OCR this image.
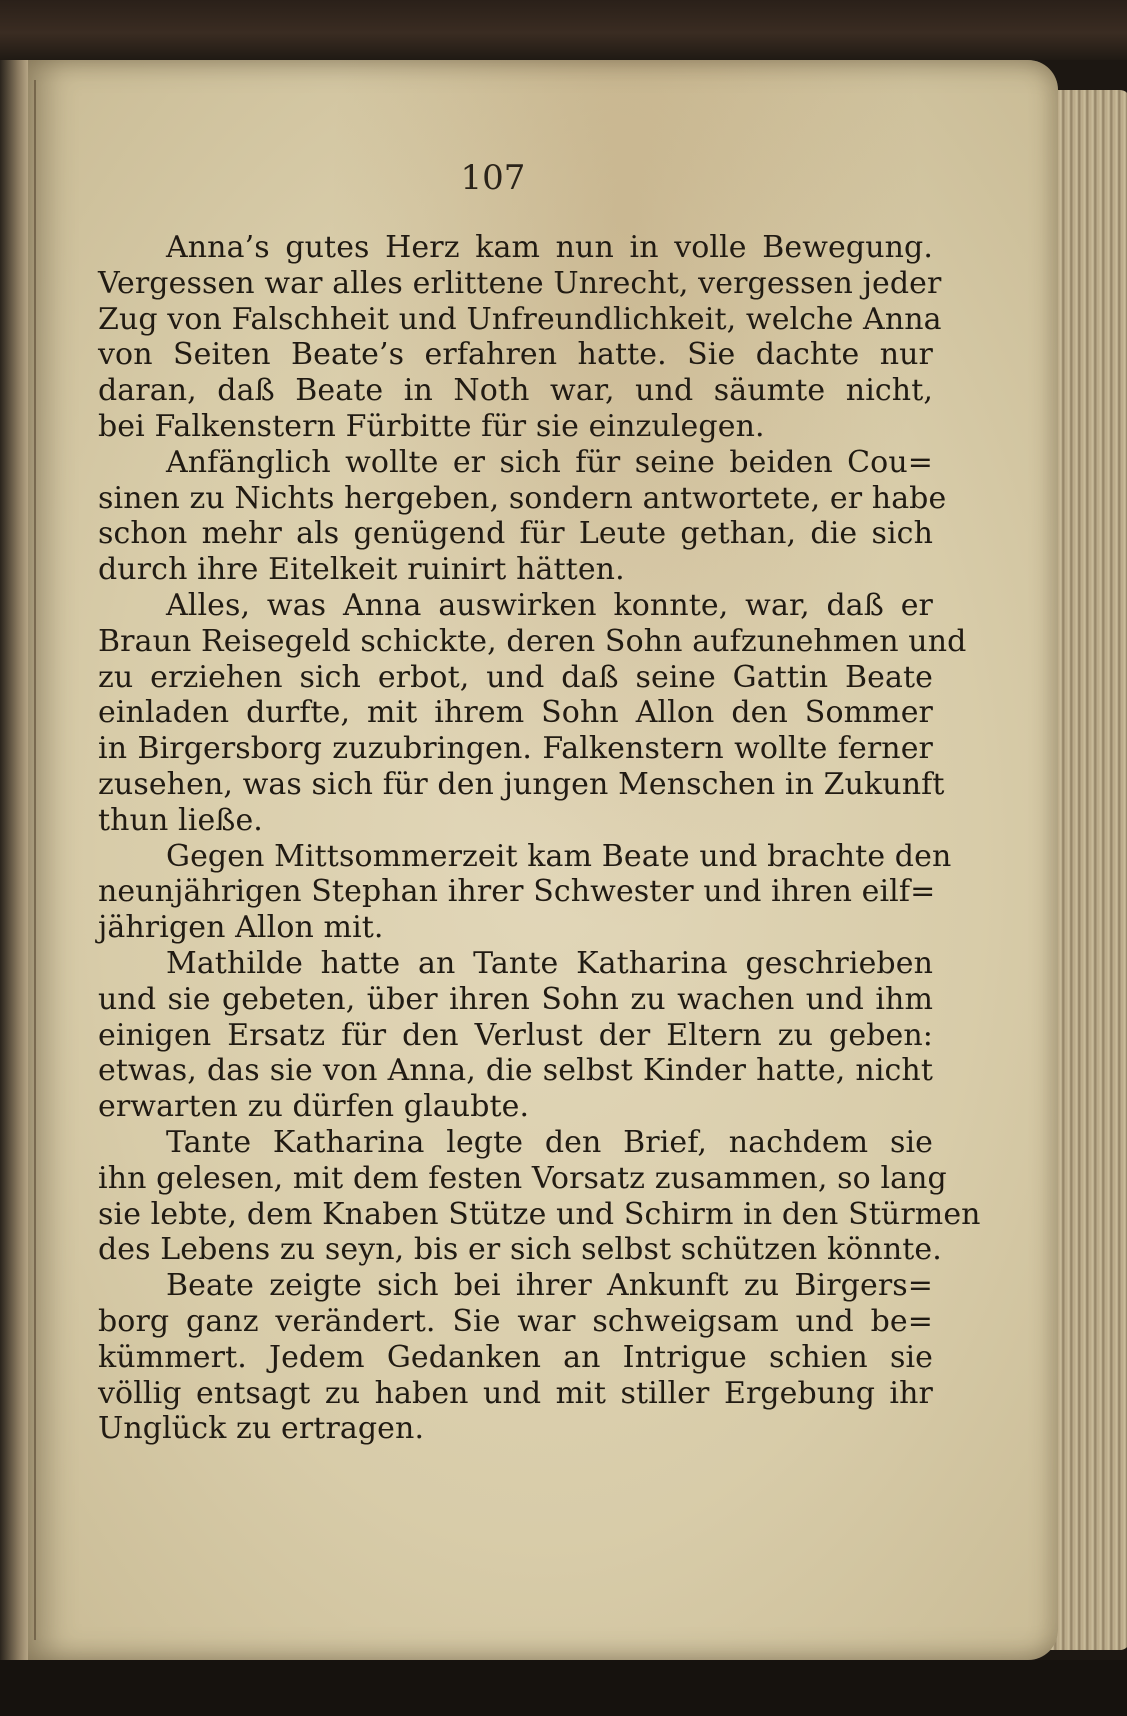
107
Anna’s gutes Herz kam nun in volle Bewegung.
Vergessen war alles erlittene Unrecht, vergessen jeder
Zug von Falschheit und Unfreundlichkeit, welche Anna
von Seiten Beate’s erfahren hatte. Sie dachte nur
daran, daß Beate in Noth war, und säumte nicht,
bei Falkenstern Fürbitte für sie einzulegen.
Anfänglich wollte er sich für seine beiden Cou=
sinen zu Nichts hergeben, sondern antwortete, er habe
schon mehr als genügend für Leute gethan, die sich
durch ihre Eitelkeit ruinirt hätten.
Alles, was Anna auswirken konnte, war, daß er
Braun Reisegeld schickte, deren Sohn aufzunehmen und
zu erziehen sich erbot, und daß seine Gattin Beate
einladen durfte, mit ihrem Sohn Allon den Sommer
in Birgersborg zuzubringen. Falkenstern wollte ferner
zusehen, was sich für den jungen Menschen in Zukunft
thun ließe.
Gegen Mittsommerzeit kam Beate und brachte den
neunjährigen Stephan ihrer Schwester und ihren eilf=
jährigen Allon mit.
Mathilde hatte an Tante Katharina geschrieben
und sie gebeten, über ihren Sohn zu wachen und ihm
einigen Ersatz für den Verlust der Eltern zu geben:
etwas, das sie von Anna, die selbst Kinder hatte, nicht
erwarten zu dürfen glaubte.
Tante Katharina legte den Brief, nachdem sie
ihn gelesen, mit dem festen Vorsatz zusammen, so lang
sie lebte, dem Knaben Stütze und Schirm in den Stürmen
des Lebens zu seyn, bis er sich selbst schützen könnte.
Beate zeigte sich bei ihrer Ankunft zu Birgers=
borg ganz verändert. Sie war schweigsam und be=
kümmert. Jedem Gedanken an Intrigue schien sie
völlig entsagt zu haben und mit stiller Ergebung ihr
Unglück zu ertragen.
